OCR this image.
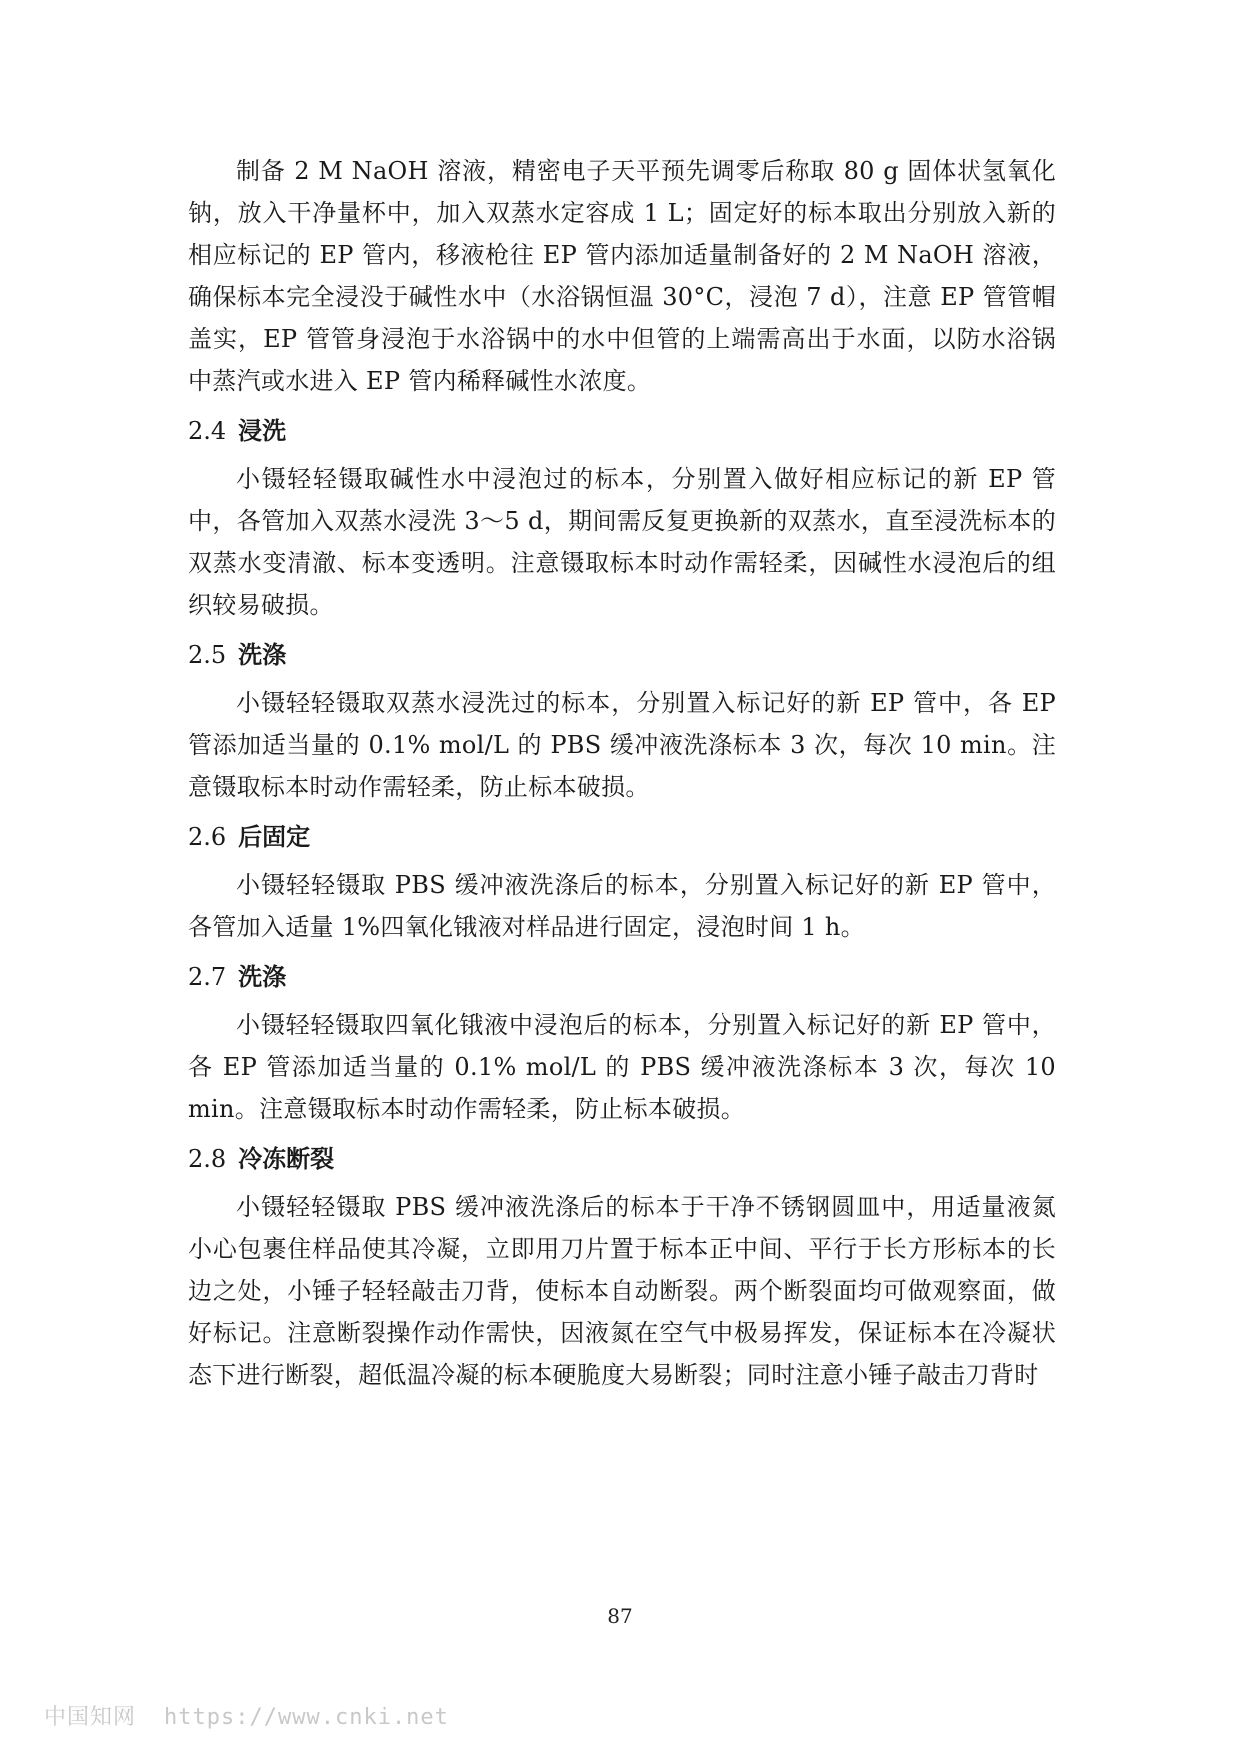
制备 2 M NaOH 溶液，精密电子天平预先调零后称取 80 g 固体状氢氧化钠，放入干净量杯中，加入双蒸水定容成 1 L；固定好的标本取出分别放入新的相应标记的 EP 管内，移液枪往 EP 管内添加适量制备好的 2 M NaOH 溶液，确保标本完全浸没于碱性水中（水浴锅恒温 30°C，浸泡 7 d），注意 EP 管管帽盖实，EP 管管身浸泡于水浴锅中的水中但管的上端需高出于水面，以防水浴锅中蒸汽或水进入 EP 管内稀释碱性水浓度。

2.4 浸洗

小镊轻轻镊取碱性水中浸泡过的标本，分别置入做好相应标记的新 EP 管中，各管加入双蒸水浸洗 3～5 d，期间需反复更换新的双蒸水，直至浸洗标本的双蒸水变清澈、标本变透明。注意镊取标本时动作需轻柔，因碱性水浸泡后的组织较易破损。

2.5 洗涤

小镊轻轻镊取双蒸水浸洗过的标本，分别置入标记好的新 EP 管中，各 EP 管添加适当量的 0.1% mol/L 的 PBS 缓冲液洗涤标本 3 次，每次 10 min。注意镊取标本时动作需轻柔，防止标本破损。

2.6 后固定

小镊轻轻镊取 PBS 缓冲液洗涤后的标本，分别置入标记好的新 EP 管中，各管加入适量 1%四氧化锇液对样品进行固定，浸泡时间 1 h。

2.7 洗涤

小镊轻轻镊取四氧化锇液中浸泡后的标本，分别置入标记好的新 EP 管中，各 EP 管添加适当量的 0.1% mol/L 的 PBS 缓冲液洗涤标本 3 次，每次 10 min。注意镊取标本时动作需轻柔，防止标本破损。

2.8 冷冻断裂

小镊轻轻镊取 PBS 缓冲液洗涤后的标本于干净不锈钢圆皿中，用适量液氮小心包裹住样品使其冷凝，立即用刀片置于标本正中间、平行于长方形标本的长边之处，小锤子轻轻敲击刀背，使标本自动断裂。两个断裂面均可做观察面，做好标记。注意断裂操作动作需快，因液氮在空气中极易挥发，保证标本在冷凝状态下进行断裂，超低温冷凝的标本硬脆度大易断裂；同时注意小锤子敲击刀背时

87
中国知网 https://www.cnki.net
